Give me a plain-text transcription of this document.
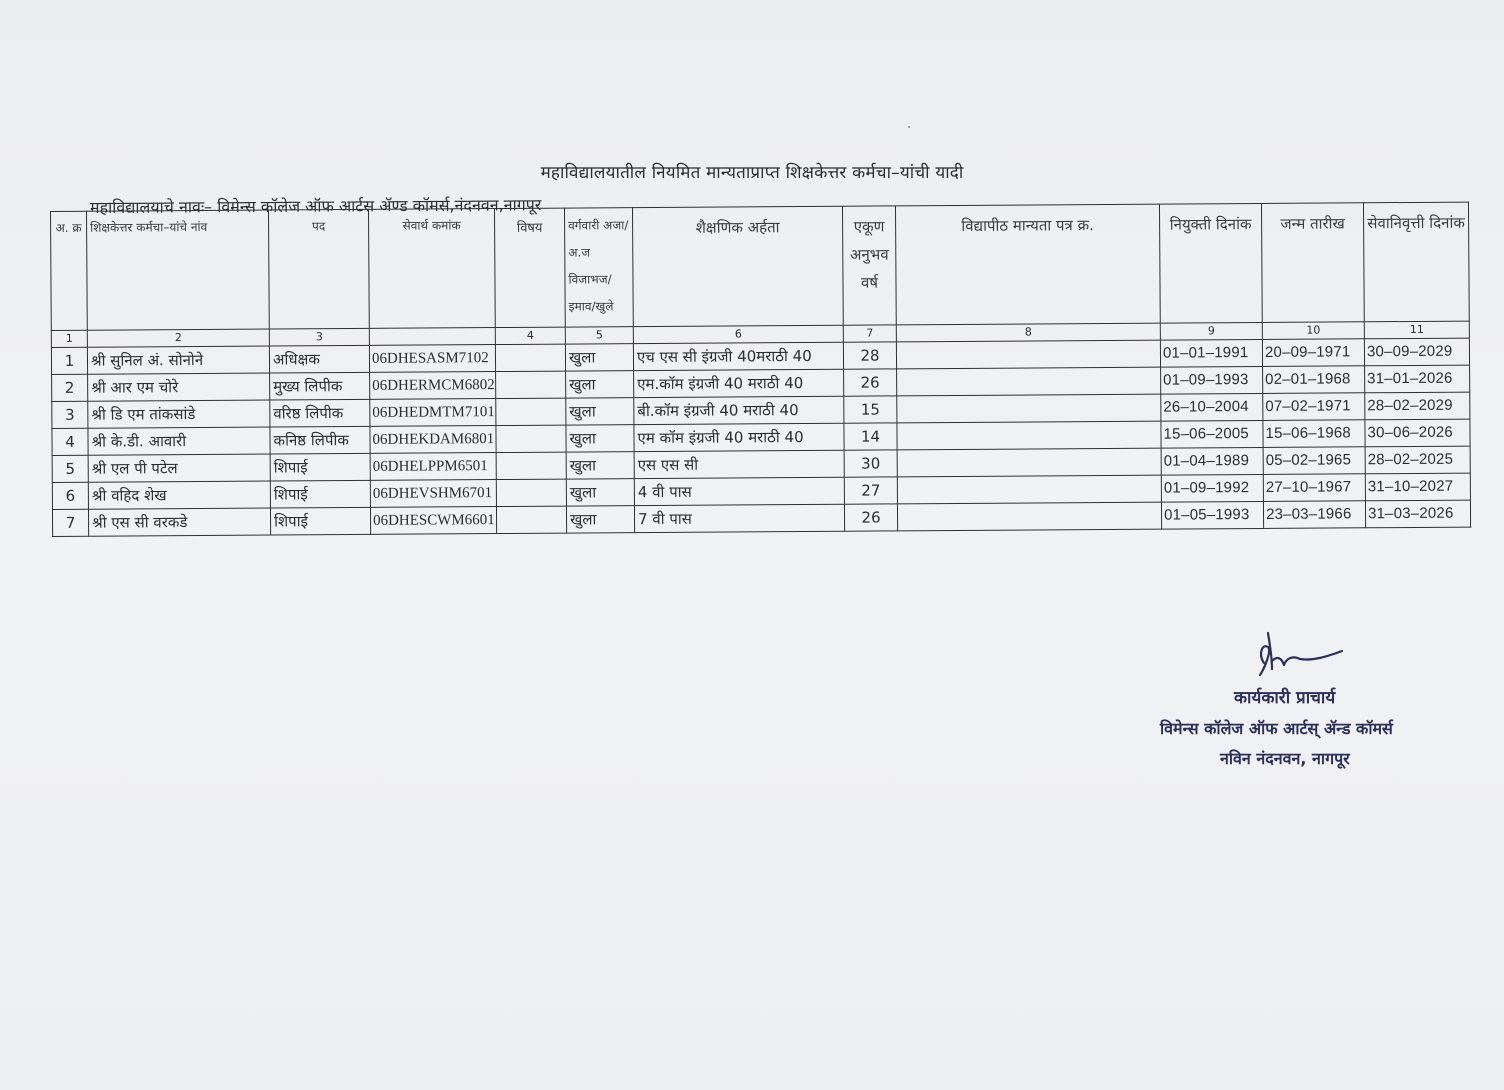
महाविद्यालयातील नियमित मान्यताप्राप्त शिक्षकेत्तर कर्मचा–यांची यादी
महाविद्यालयाचे नावः– विमेन्स कॉलेज ऑफ आर्टस ॲण्ड कॉमर्स,नंदनवन,नागपूर
अ. क्र	शिक्षकेत्तर कर्मचा–यांचे नांव	पद	सेवार्थ कमांक	विषय	वर्गवारी अजा/अ.ज विजाभज/ इमाव/खुले	शैक्षणिक अर्हता	एकूण अनुभव वर्ष	विद्यापीठ मान्यता पत्र क्र.	नियुक्ती दिनांक	जन्म तारीख	सेवानिवृत्ती दिनांक
1	2	3		4	5	6	7	8	9	10	11
1	श्री सुनिल अं. सोनोने	अधिक्षक	06DHESASM7102		खुला	एच एस सी इंग्रजी 40मराठी 40	28		01–01–1991	20–09–1971	30–09–2029
2	श्री आर एम चोरे	मुख्य लिपीक	06DHERMCM6802		खुला	एम.कॉम इंग्रजी 40 मराठी 40	26		01–09–1993	02–01–1968	31–01–2026
3	श्री डि एम तांकसांडे	वरिष्ठ लिपीक	06DHEDMTM7101		खुला	बी.कॉम इंग्रजी 40 मराठी 40	15		26–10–2004	07–02–1971	28–02–2029
4	श्री के.डी. आवारी	कनिष्ठ लिपीक	06DHEKDAM6801		खुला	एम कॉम इंग्रजी 40 मराठी 40	14		15–06–2005	15–06–1968	30–06–2026
5	श्री एल पी पटेल	शिपाई	06DHELPPM6501		खुला	एस एस सी	30		01–04–1989	05–02–1965	28–02–2025
6	श्री वहिद शेख	शिपाई	06DHEVSHM6701		खुला	4 वी पास	27		01–09–1992	27–10–1967	31–10–2027
7	श्री एस सी वरकडे	शिपाई	06DHESCWM6601		खुला	7 वी पास	26		01–05–1993	23–03–1966	31–03–2026
कार्यकारी प्राचार्य
विमेन्स कॉलेज ऑफ आर्टस् ॲन्ड कॉमर्स
नविन नंदनवन, नागपूर
